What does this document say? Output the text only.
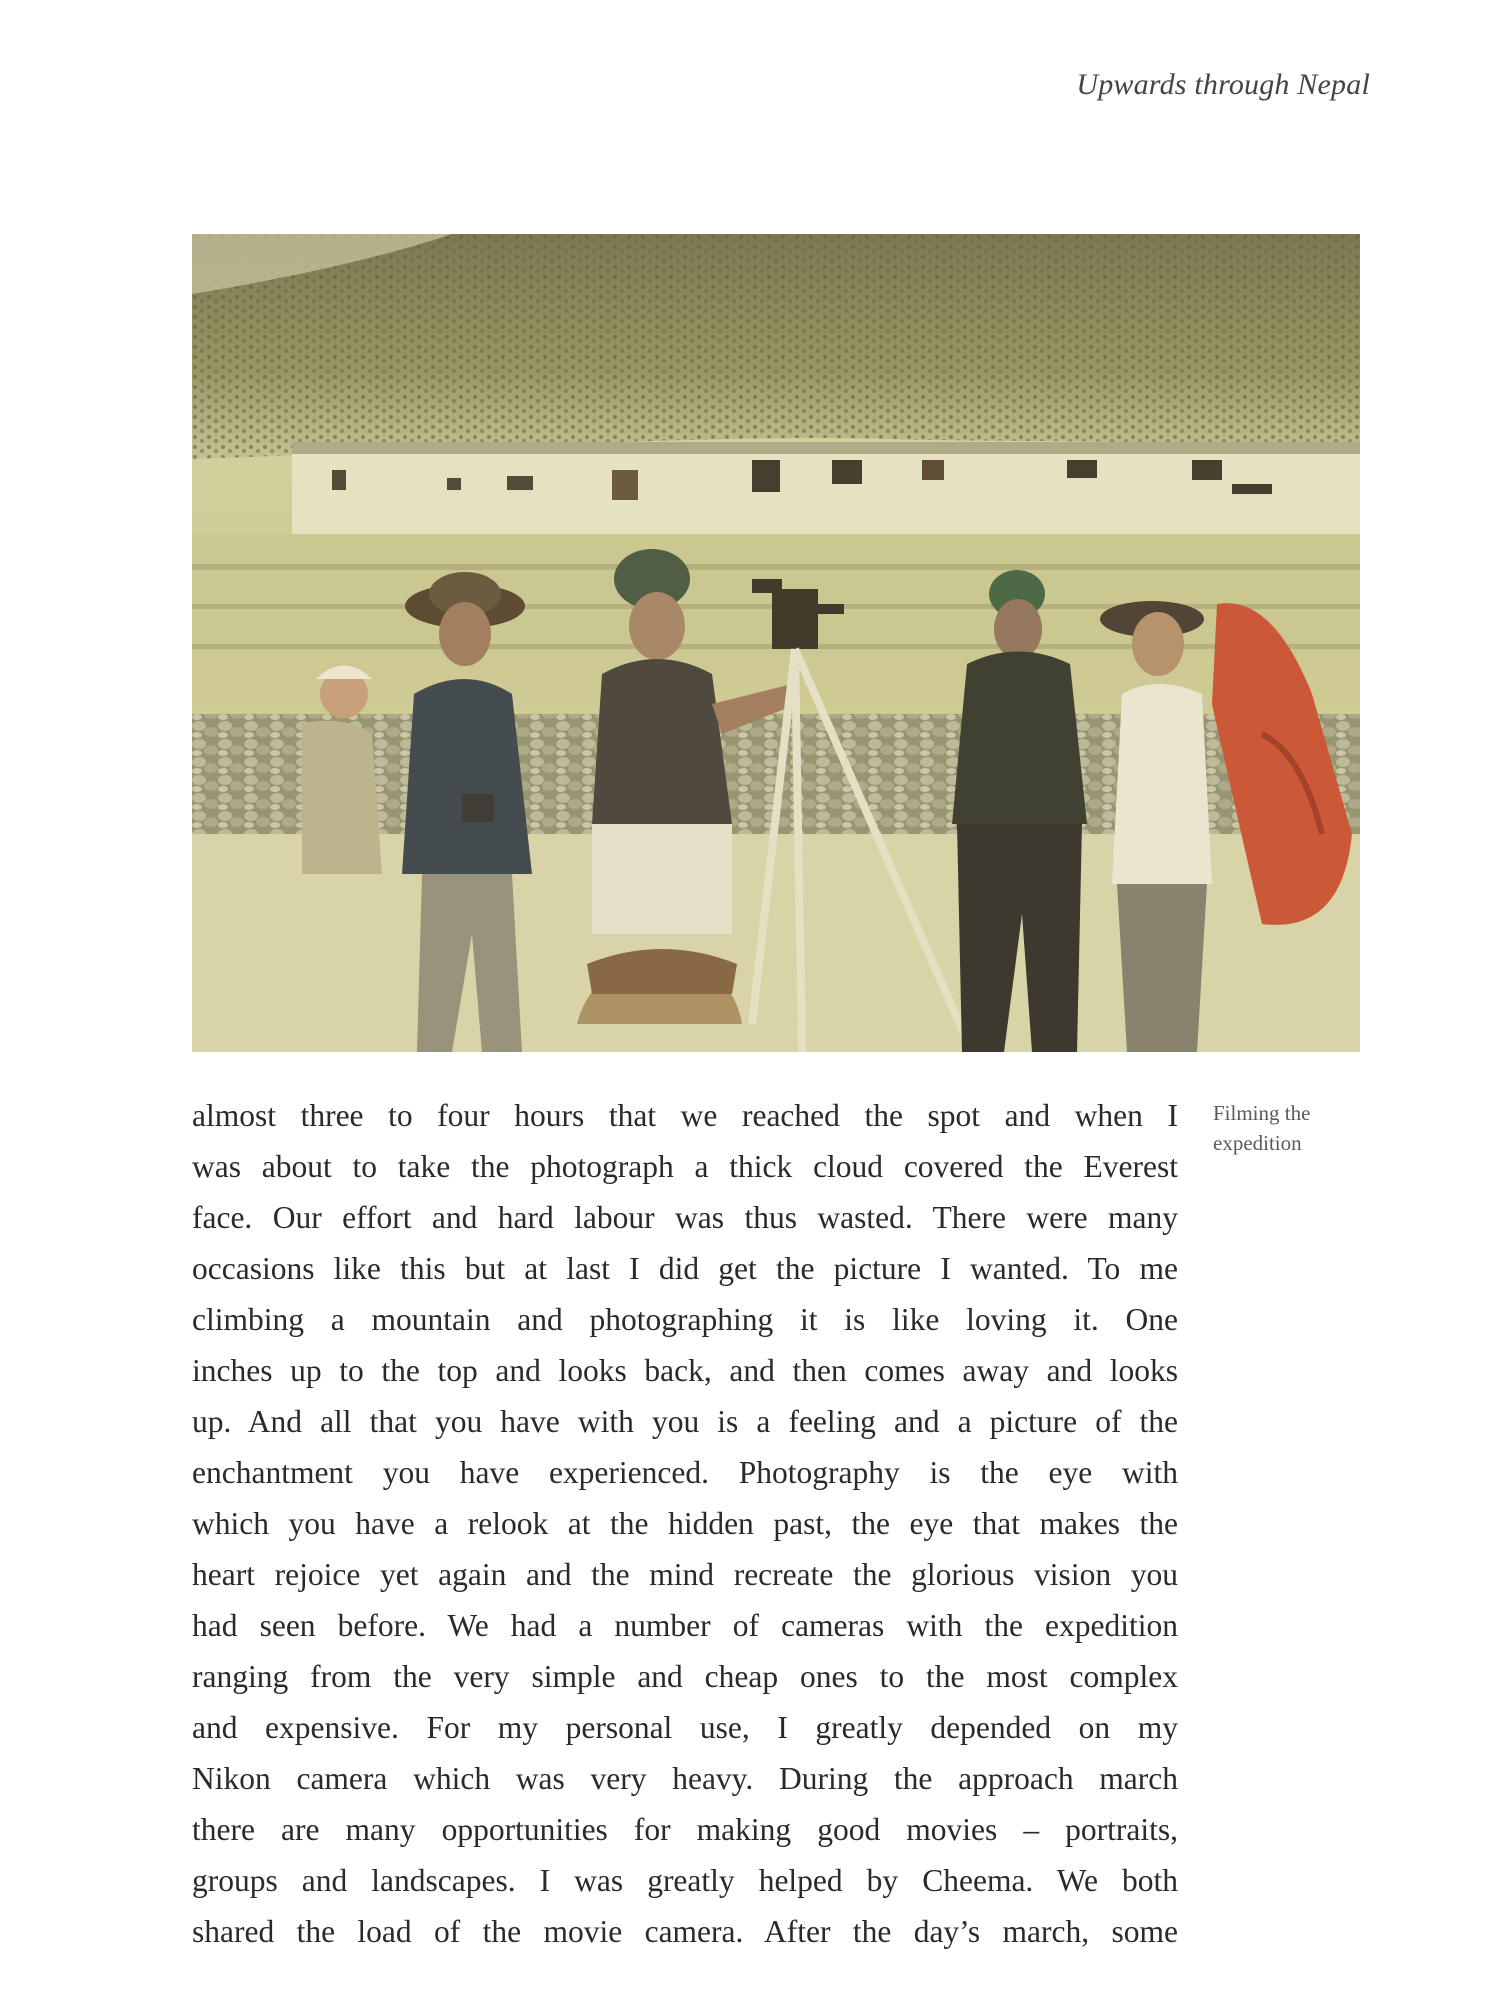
Upwards through Nepal
Filming the
expedition
almost three to four hours that we reached the spot and when I
was about to take the photograph a thick cloud covered the Everest
face. Our effort and hard labour was thus wasted. There were many
occasions like this but at last I did get the picture I wanted. To me
climbing a mountain and photographing it is like loving it. One
inches up to the top and looks back, and then comes away and looks
up. And all that you have with you is a feeling and a picture of the
enchantment you have experienced. Photography is the eye with
which you have a relook at the hidden past, the eye that makes the
heart rejoice yet again and the mind recreate the glorious vision you
had seen before. We had a number of cameras with the expedition
ranging from the very simple and cheap ones to the most complex
and expensive. For my personal use, I greatly depended on my
Nikon camera which was very heavy. During the approach march
there are many opportunities for making good movies – portraits,
groups and landscapes. I was greatly helped by Cheema. We both
shared the load of the movie camera. After the day’s march, some
